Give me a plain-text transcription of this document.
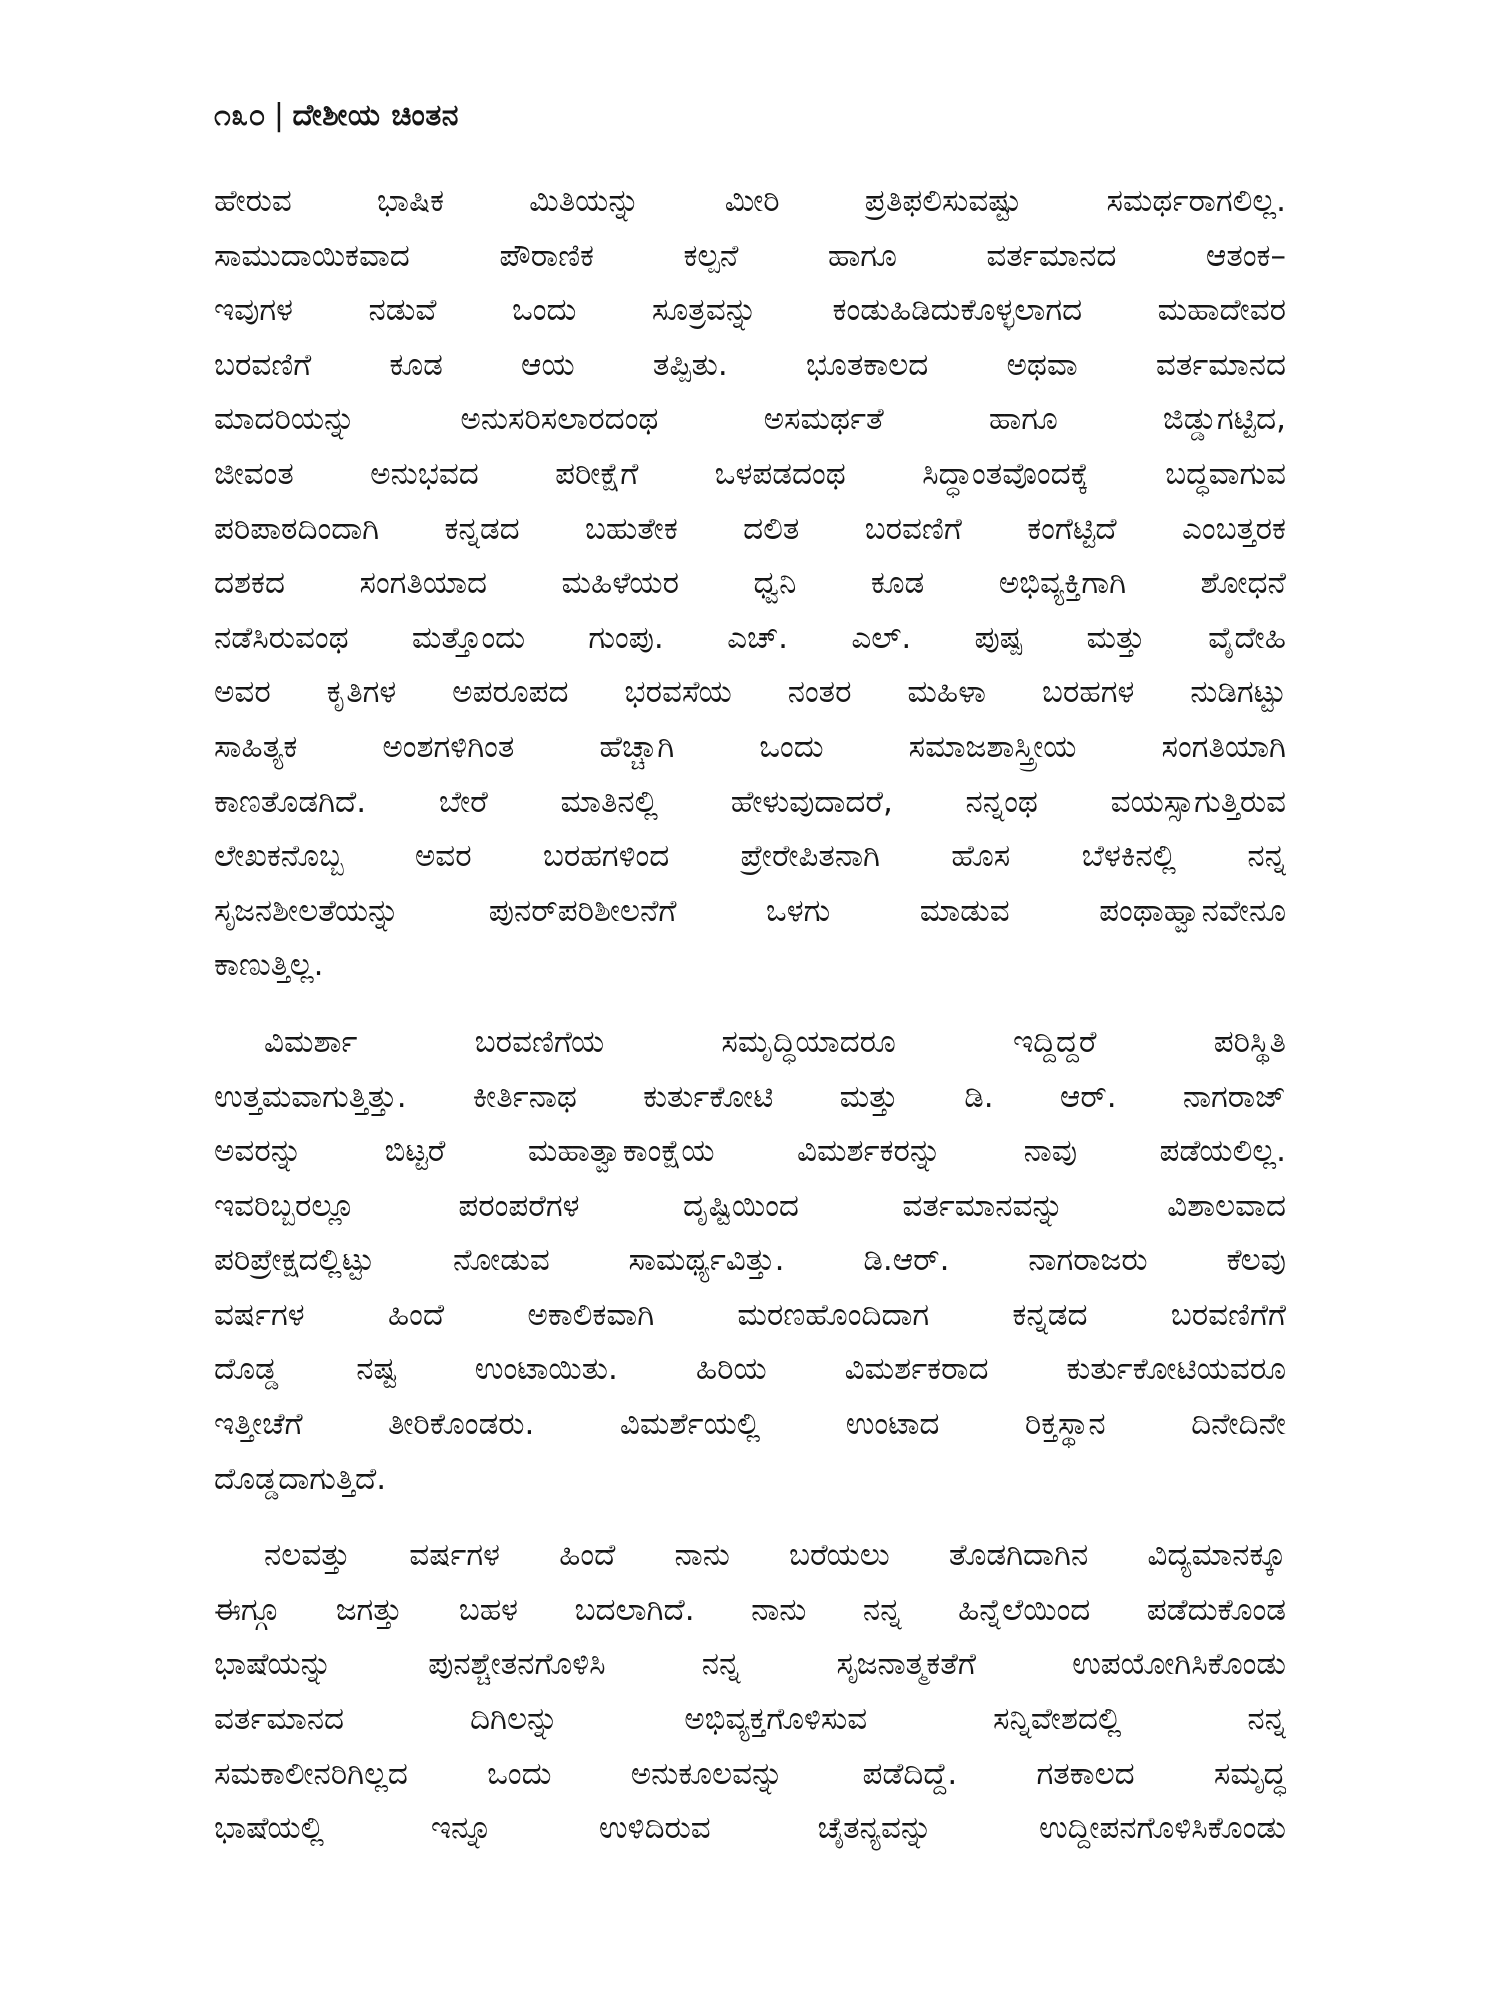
೧೩೦ | ದೇಶೀಯ ಚಿಂತನ
ಹೇರುವ ಭಾಷಿಕ ಮಿತಿಯನ್ನು ಮೀರಿ ಪ್ರತಿಫಲಿಸುವಷ್ಟು ಸಮರ್ಥರಾಗಲಿಲ್ಲ.
ಸಾಮುದಾಯಿಕವಾದ ಪೌರಾಣಿಕ ಕಲ್ಪನೆ ಹಾಗೂ ವರ್ತಮಾನದ ಆತಂಕ–
ಇವುಗಳ ನಡುವೆ ಒಂದು ಸೂತ್ರವನ್ನು ಕಂಡುಹಿಡಿದುಕೊಳ್ಳಲಾಗದ ಮಹಾದೇವರ
ಬರವಣಿಗೆ ಕೂಡ ಆಯ ತಪ್ಪಿತು. ಭೂತಕಾಲದ ಅಥವಾ ವರ್ತಮಾನದ
ಮಾದರಿಯನ್ನು ಅನುಸರಿಸಲಾರದಂಥ ಅಸಮರ್ಥತೆ ಹಾಗೂ ಜಿಡ್ಡುಗಟ್ಟಿದ,
ಜೀವಂತ ಅನುಭವದ ಪರೀಕ್ಷೆಗೆ ಒಳಪಡದಂಥ ಸಿದ್ಧಾಂತವೊಂದಕ್ಕೆ ಬದ್ಧವಾಗುವ
ಪರಿಪಾಠದಿಂದಾಗಿ ಕನ್ನಡದ ಬಹುತೇಕ ದಲಿತ ಬರವಣಿಗೆ ಕಂಗೆಟ್ಟಿದೆ ಎಂಬತ್ತರಕ
ದಶಕದ ಸಂಗತಿಯಾದ ಮಹಿಳೆಯರ ಧ್ವನಿ ಕೂಡ ಅಭಿವ್ಯಕ್ತಿಗಾಗಿ ಶೋಧನೆ
ನಡೆಸಿರುವಂಥ ಮತ್ತೊಂದು ಗುಂಪು. ಎಚ್. ಎಲ್. ಪುಷ್ಪ ಮತ್ತು ವೈದೇಹಿ
ಅವರ ಕೃತಿಗಳ ಅಪರೂಪದ ಭರವಸೆಯ ನಂತರ ಮಹಿಳಾ ಬರಹಗಳ ನುಡಿಗಟ್ಟು
ಸಾಹಿತ್ಯಕ ಅಂಶಗಳಿಗಿಂತ ಹೆಚ್ಚಾಗಿ ಒಂದು ಸಮಾಜಶಾಸ್ತ್ರೀಯ ಸಂಗತಿಯಾಗಿ
ಕಾಣತೊಡಗಿದೆ. ಬೇರೆ ಮಾತಿನಲ್ಲಿ ಹೇಳುವುದಾದರೆ, ನನ್ನಂಥ ವಯಸ್ಸಾಗುತ್ತಿರುವ
ಲೇಖಕನೊಬ್ಬ ಅವರ ಬರಹಗಳಿಂದ ಪ್ರೇರೇಪಿತನಾಗಿ ಹೊಸ ಬೆಳಕಿನಲ್ಲಿ ನನ್ನ
ಸೃಜನಶೀಲತೆಯನ್ನು ಪುನರ್‌ಪರಿಶೀಲನೆಗೆ ಒಳಗು ಮಾಡುವ ಪಂಥಾಹ್ವಾನವೇನೂ
ಕಾಣುತ್ತಿಲ್ಲ.
ವಿಮರ್ಶಾ ಬರವಣಿಗೆಯ ಸಮೃದ್ಧಿಯಾದರೂ ಇದ್ದಿದ್ದರೆ ಪರಿಸ್ಥಿತಿ
ಉತ್ತಮವಾಗುತ್ತಿತ್ತು. ಕೀರ್ತಿನಾಥ ಕುರ್ತುಕೋಟಿ ಮತ್ತು ಡಿ. ಆರ್. ನಾಗರಾಜ್
ಅವರನ್ನು ಬಿಟ್ಟರೆ ಮಹಾತ್ವಾಕಾಂಕ್ಷೆಯ ವಿಮರ್ಶಕರನ್ನು ನಾವು ಪಡೆಯಲಿಲ್ಲ.
ಇವರಿಬ್ಬರಲ್ಲೂ ಪರಂಪರೆಗಳ ದೃಷ್ಟಿಯಿಂದ ವರ್ತಮಾನವನ್ನು ವಿಶಾಲವಾದ
ಪರಿಪ್ರೇಕ್ಷದಲ್ಲಿಟ್ಟು ನೋಡುವ ಸಾಮರ್ಥ್ಯವಿತ್ತು. ಡಿ.ಆರ್. ನಾಗರಾಜರು ಕೆಲವು
ವರ್ಷಗಳ ಹಿಂದೆ ಅಕಾಲಿಕವಾಗಿ ಮರಣಹೊಂದಿದಾಗ ಕನ್ನಡದ ಬರವಣಿಗೆಗೆ
ದೊಡ್ಡ ನಷ್ಟ ಉಂಟಾಯಿತು. ಹಿರಿಯ ವಿಮರ್ಶಕರಾದ ಕುರ್ತುಕೋಟಿಯವರೂ
ಇತ್ತೀಚೆಗೆ ತೀರಿಕೊಂಡರು. ವಿಮರ್ಶೆಯಲ್ಲಿ ಉಂಟಾದ ರಿಕ್ತಸ್ಥಾನ ದಿನೇದಿನೇ
ದೊಡ್ಡದಾಗುತ್ತಿದೆ.
ನಲವತ್ತು ವರ್ಷಗಳ ಹಿಂದೆ ನಾನು ಬರೆಯಲು ತೊಡಗಿದಾಗಿನ ವಿದ್ಯಮಾನಕ್ಕೂ
ಈಗ್ಗೂ ಜಗತ್ತು ಬಹಳ ಬದಲಾಗಿದೆ. ನಾನು ನನ್ನ ಹಿನ್ನೆಲೆಯಿಂದ ಪಡೆದುಕೊಂಡ
ಭಾಷೆಯನ್ನು ಪುನಶ್ಚೇತನಗೊಳಿಸಿ ನನ್ನ ಸೃಜನಾತ್ಮಕತೆಗೆ ಉಪಯೋಗಿಸಿಕೊಂಡು
ವರ್ತಮಾನದ ದಿಗಿಲನ್ನು ಅಭಿವ್ಯಕ್ತಗೊಳಿಸುವ ಸನ್ನಿವೇಶದಲ್ಲಿ ನನ್ನ
ಸಮಕಾಲೀನರಿಗಿಲ್ಲದ ಒಂದು ಅನುಕೂಲವನ್ನು ಪಡೆದಿದ್ದೆ. ಗತಕಾಲದ ಸಮೃದ್ಧ
ಭಾಷೆಯಲ್ಲಿ ಇನ್ನೂ ಉಳಿದಿರುವ ಚೈತನ್ಯವನ್ನು ಉದ್ದೀಪನಗೊಳಿಸಿಕೊಂಡು
